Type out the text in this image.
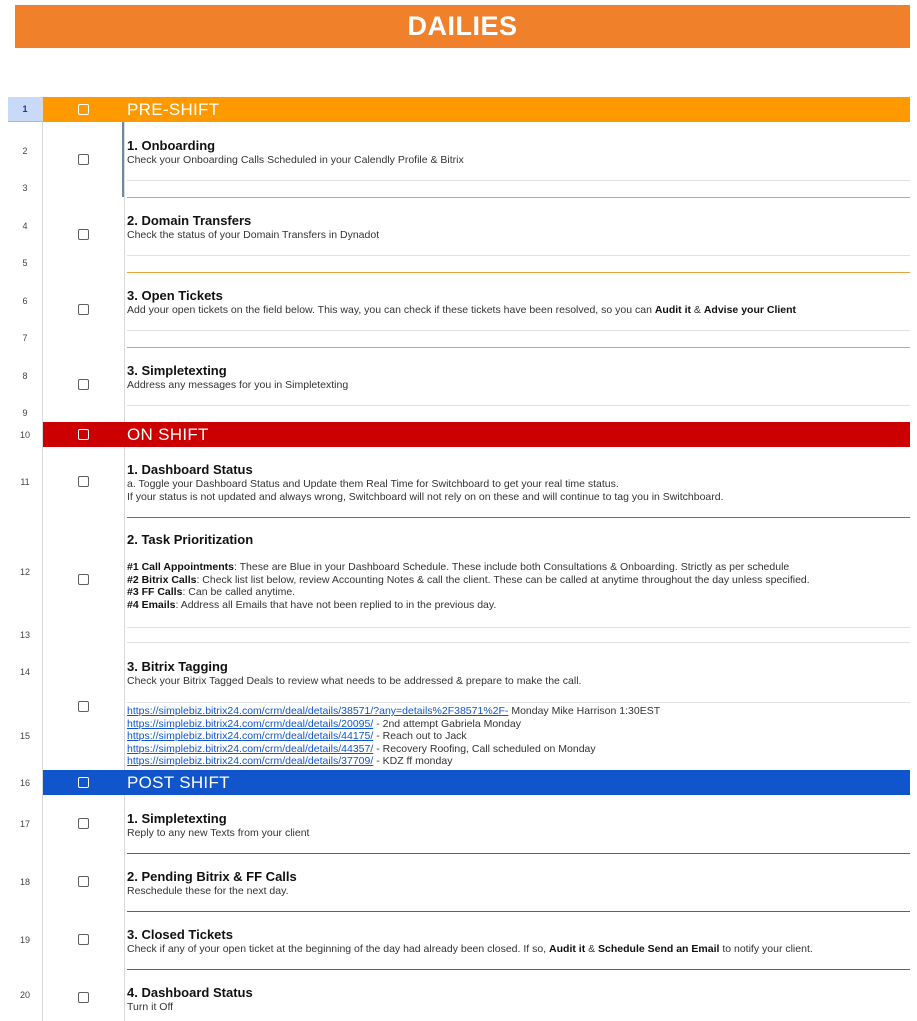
DAILIES
1
2
3
4
5
6
7
8
9
10
11
12
13
14
15
16
17
18
19
20
PRE-SHIFT
1. Onboarding
Check your Onboarding Calls Scheduled in your Calendly Profile & Bitrix
2. Domain Transfers
Check the status of your Domain Transfers in Dynadot
3. Open Tickets
Add your open tickets on the field below. This way, you can check if these tickets have been resolved, so you can Audit it & Advise your Client
3. Simpletexting
Address any messages for you in Simpletexting
ON SHIFT
1. Dashboard Status
a. Toggle your Dashboard Status and Update them Real Time for Switchboard to get your real time status.
If your status is not updated and always wrong, Switchboard will not rely on on these and will continue to tag you in Switchboard.
2. Task Prioritization
#1 Call Appointments: These are Blue in your Dashboard Schedule. These include both Consultations & Onboarding. Strictly as per schedule
#2 Bitrix Calls: Check list list below, review Accounting Notes & call the client. These can be called at anytime throughout the day unless specified.
#3 FF Calls: Can be called anytime.
#4 Emails: Address all Emails that have not been replied to in the previous day.
3. Bitrix Tagging
Check your Bitrix Tagged Deals to review what needs to be addressed & prepare to make the call.
https://simplebiz.bitrix24.com/crm/deal/details/38571/?any=details%2F38571%2F- Monday Mike Harrison 1:30EST
https://simplebiz.bitrix24.com/crm/deal/details/20095/ - 2nd attempt Gabriela Monday
https://simplebiz.bitrix24.com/crm/deal/details/44175/ - Reach out to Jack
https://simplebiz.bitrix24.com/crm/deal/details/44357/ - Recovery Roofing, Call scheduled on Monday
https://simplebiz.bitrix24.com/crm/deal/details/37709/ - KDZ ff monday
POST SHIFT
1. Simpletexting
Reply to any new Texts from your client
2. Pending Bitrix & FF Calls
Reschedule these for the next day.
3. Closed Tickets
Check if any of your open ticket at the beginning of the day had already been closed. If so, Audit it & Schedule Send an Email to notify your client.
4. Dashboard Status
Turn it Off
